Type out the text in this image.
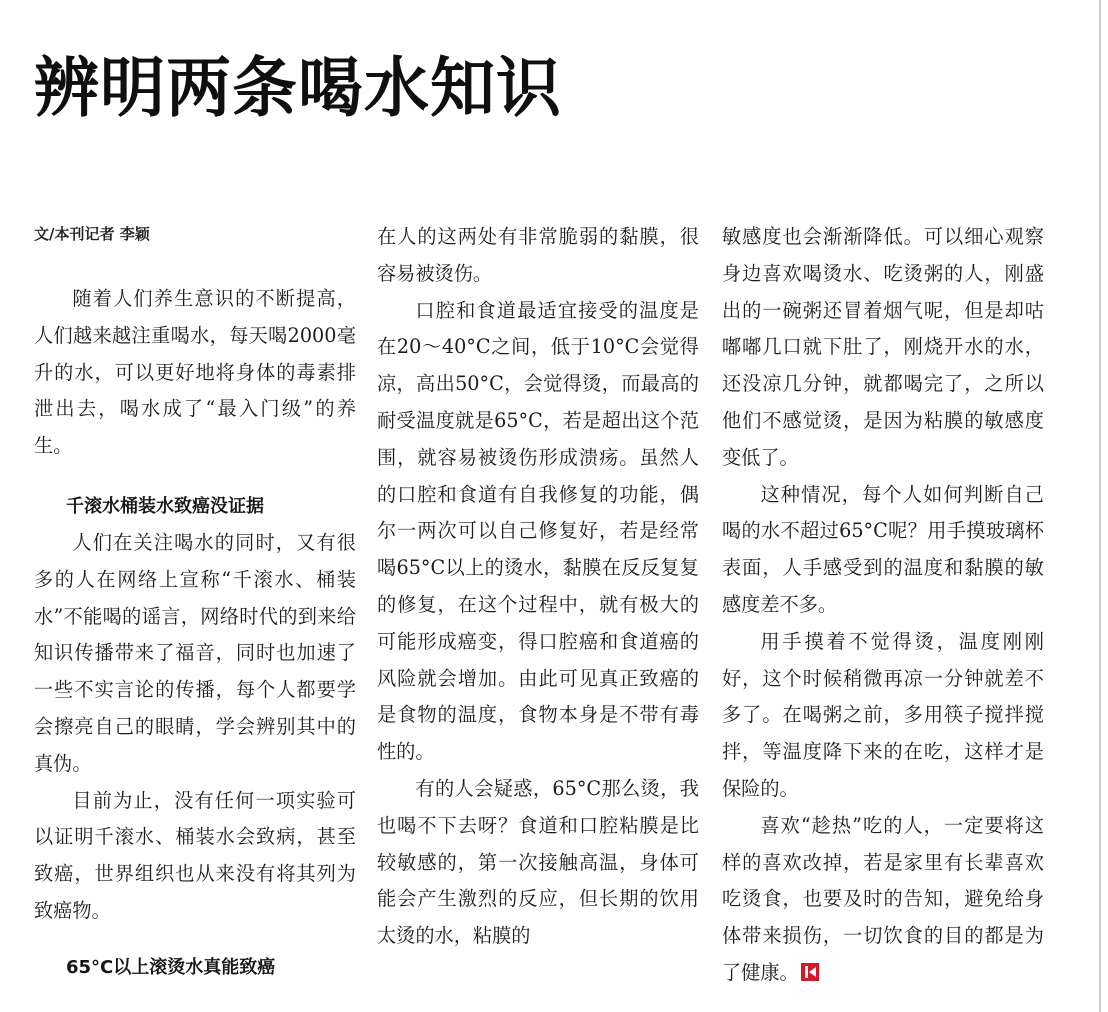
辨明两条喝水知识
文/本刊记者 李颖

随着人们养生意识的不断提高，人们越来越注重喝水，每天喝2000毫升的水，可以更好地将身体的毒素排泄出去，喝水成了“最入门级”的养生。

千滚水桶装水致癌没证据

人们在关注喝水的同时，又有很多的人在网络上宣称“千滚水、桶装水”不能喝的谣言，网络时代的到来给知识传播带来了福音，同时也加速了一些不实言论的传播，每个人都要学会擦亮自己的眼睛，学会辨别其中的真伪。

目前为止，没有任何一项实验可以证明千滚水、桶装水会致病，甚至致癌，世界组织也从来没有将其列为致癌物。

65°C以上滚烫水真能致癌

在人的这两处有非常脆弱的黏膜，很容易被烫伤。

口腔和食道最适宜接受的温度是在20～40°C之间，低于10°C会觉得凉，高出50°C，会觉得烫，而最高的耐受温度就是65°C，若是超出这个范围，就容易被烫伤形成溃疡。虽然人的口腔和食道有自我修复的功能，偶尔一两次可以自己修复好，若是经常喝65°C以上的烫水，黏膜在反反复复的修复，在这个过程中，就有极大的可能形成癌变，得口腔癌和食道癌的风险就会增加。由此可见真正致癌的是食物的温度，食物本身是不带有毒性的。

有的人会疑惑，65°C那么烫，我也喝不下去呀？食道和口腔粘膜是比较敏感的，第一次接触高温，身体可能会产生激烈的反应，但长期的饮用太烫的水，粘膜的

敏感度也会渐渐降低。可以细心观察身边喜欢喝烫水、吃烫粥的人，刚盛出的一碗粥还冒着烟气呢，但是却咕嘟嘟几口就下肚了，刚烧开水的水，还没凉几分钟，就都喝完了，之所以他们不感觉烫，是因为粘膜的敏感度变低了。

这种情况，每个人如何判断自己喝的水不超过65°C呢？用手摸玻璃杯表面，人手感受到的温度和黏膜的敏感度差不多。

用手摸着不觉得烫，温度刚刚好，这个时候稍微再凉一分钟就差不多了。在喝粥之前，多用筷子搅拌搅拌，等温度降下来的在吃，这样才是保险的。

喜欢“趁热”吃的人，一定要将这样的喜欢改掉，若是家里有长辈喜欢吃烫食，也要及时的告知，避免给身体带来损伤，一切饮食的目的都是为了健康。
